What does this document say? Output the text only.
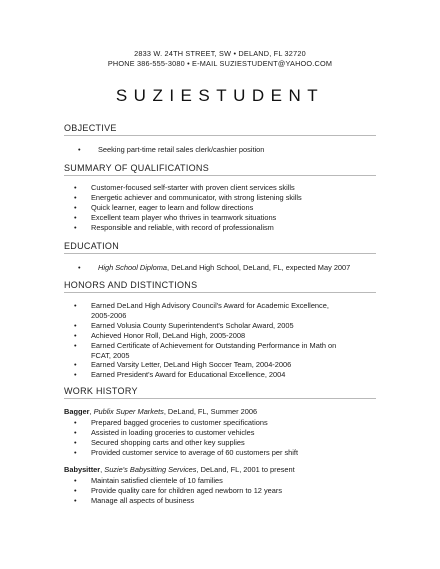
2833 W. 24TH STREET, SW • DELAND, FL 32720
PHONE 386-555-3080 • E-MAIL SUZIESTUDENT@YAHOO.COM
SUZIESTUDENT
OBJECTIVE
• Seeking part-time retail sales clerk/cashier position
SUMMARY OF QUALIFICATIONS
• Customer-focused self-starter with proven client services skills
• Energetic achiever and communicator, with strong listening skills
• Quick learner, eager to learn and follow directions
• Excellent team player who thrives in teamwork situations
• Responsible and reliable, with record of professionalism
EDUCATION
• High School Diploma, DeLand High School, DeLand, FL, expected May 2007
HONORS AND DISTINCTIONS
• Earned DeLand High Advisory Council's Award for Academic Excellence,
2005-2006
• Earned Volusia County Superintendent's Scholar Award, 2005
• Achieved Honor Roll, DeLand High, 2005-2008
• Earned Certificate of Achievement for Outstanding Performance in Math on
FCAT, 2005
• Earned Varsity Letter, DeLand High Soccer Team, 2004-2006
• Earned President's Award for Educational Excellence, 2004
WORK HISTORY
Bagger, Publix Super Markets, DeLand, FL, Summer 2006
• Prepared bagged groceries to customer specifications
• Assisted in loading groceries to customer vehicles
• Secured shopping carts and other key supplies
• Provided customer service to average of 60 customers per shift
Babysitter, Suzie's Babysitting Services, DeLand, FL, 2001 to present
• Maintain satisfied clientele of 10 families
• Provide quality care for children aged newborn to 12 years
• Manage all aspects of business
